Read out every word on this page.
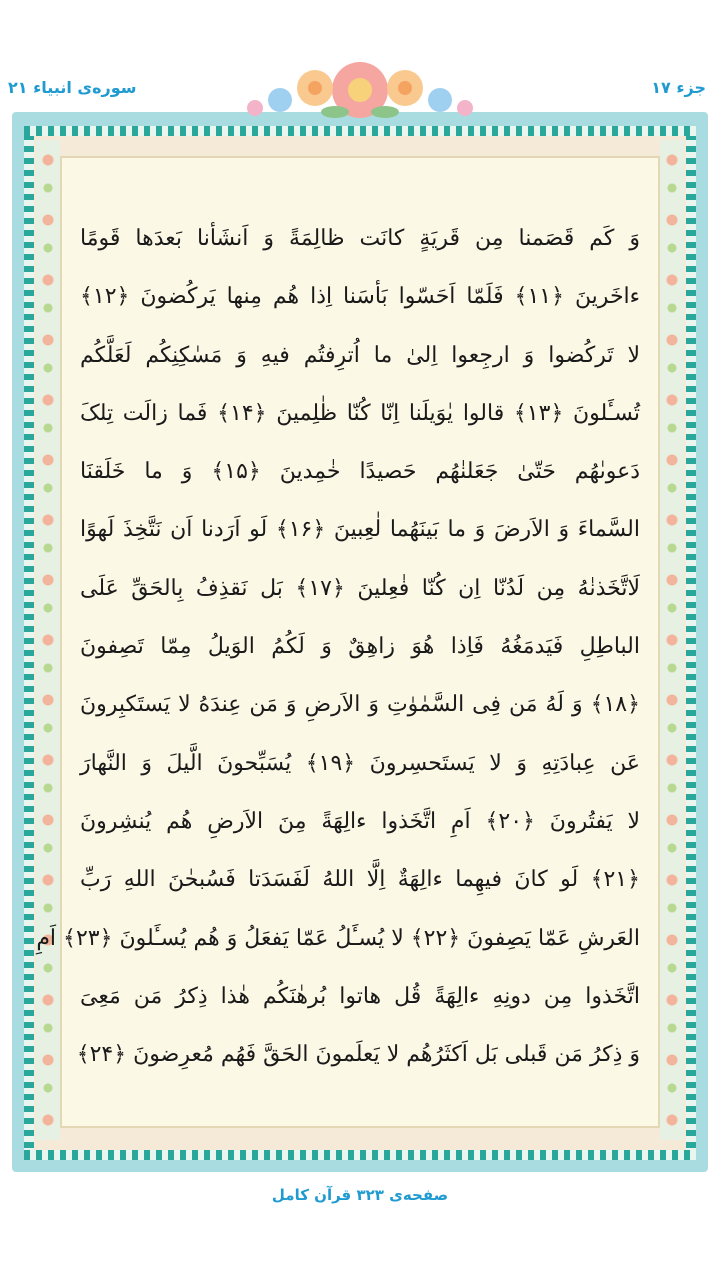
جزء ۱۷
سوره‌ی انبیاء ۲۱
وَ کَم قَصَمنا مِن قَریَةٍ کانَت ظالِمَةً وَ اَنشَأنا بَعدَها قَومًا
ءاخَرینَ ﴿۱۱﴾ فَلَمّا اَحَسّوا بَأسَنا اِذا هُم مِنها یَرکُضونَ ﴿۱۲﴾
لا تَرکُضوا وَ ارجِعوا اِلیٰ ما اُترِفتُم فیهِ وَ مَسٰکِنِکُم لَعَلَّکُم
تُسـَٔلونَ ﴿۱۳﴾ قالوا یٰوَیلَنا اِنّا کُنّا ظٰلِمینَ ﴿۱۴﴾ فَما زالَت تِلکَ
دَعوىٰهُم حَتّیٰ جَعَلنٰهُم حَصیدًا خٰمِدینَ ﴿۱۵﴾ وَ ما خَلَقنَا
السَّماءَ وَ الاَرضَ وَ ما بَینَهُما لٰعِبینَ ﴿۱۶﴾ لَو اَرَدنا اَن نَتَّخِذَ لَهوًا
لَاتَّخَذنٰهُ مِن لَدُنّا اِن کُنّا فٰعِلینَ ﴿۱۷﴾ بَل نَقذِفُ بِالحَقِّ عَلَی
الباطِلِ فَیَدمَغُهُ فَاِذا هُوَ زاهِقٌ وَ لَکُمُ الوَیلُ مِمّا تَصِفونَ
﴿۱۸﴾ وَ لَهُ مَن فِی السَّمٰوٰتِ وَ الاَرضِ وَ مَن عِندَهُ لا یَستَکبِرونَ
عَن عِبادَتِهِ وَ لا یَستَحسِرونَ ﴿۱۹﴾ یُسَبِّحونَ الَّیلَ وَ النَّهارَ
لا یَفتُرونَ ﴿۲۰﴾ اَمِ اتَّخَذوا ءالِهَةً مِنَ الاَرضِ هُم یُنشِرونَ
﴿۲۱﴾ لَو کانَ فیهِما ءالِهَةٌ اِلَّا اللهُ لَفَسَدَتا فَسُبحٰنَ اللهِ رَبِّ
العَرشِ عَمّا یَصِفونَ ﴿۲۲﴾ لا یُسـَٔلُ عَمّا یَفعَلُ وَ هُم یُسـَٔلونَ ﴿۲۳﴾ اَمِ
اتَّخَذوا مِن دونِهِ ءالِهَةً قُل هاتوا بُرهٰنَکُم هٰذا ذِکرُ مَن مَعِیَ
وَ ذِکرُ مَن قَبلی بَل اَکثَرُهُم لا یَعلَمونَ الحَقَّ فَهُم مُعرِضونَ ﴿۲۴﴾
صفحه‌ی ۳۲۳ قرآن کامل
